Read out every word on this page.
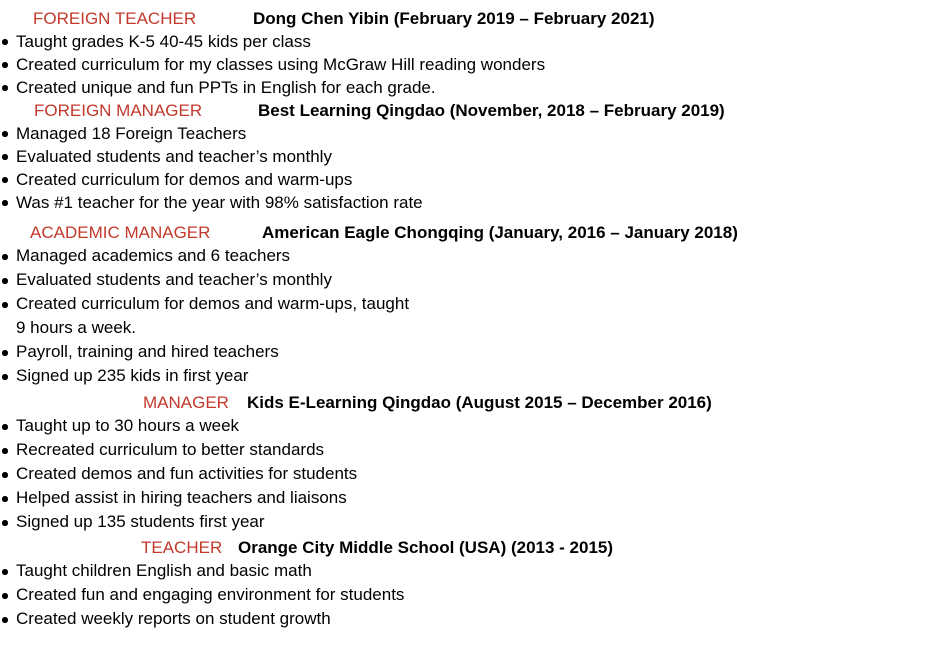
FOREIGN TEACHER	Dong Chen Yibin (February 2019 – February 2021)
Taught grades K-5 40-45 kids per class
Created curriculum for my classes using McGraw Hill reading wonders
Created unique and fun PPTs in English for each grade.
FOREIGN MANAGER	Best Learning Qingdao (November, 2018 – February 2019)
Managed 18 Foreign Teachers
Evaluated students and teacher’s monthly
Created curriculum for demos and warm-ups
Was #1 teacher for the year with 98% satisfaction rate
ACADEMIC MANAGER	American Eagle Chongqing (January, 2016 – January 2018)
Managed academics and 6 teachers
Evaluated students and teacher’s monthly
Created curriculum for demos and warm-ups, taught 9 hours a week.
Payroll, training and hired teachers
Signed up 235 kids in first year
MANAGER Kids E-Learning Qingdao (August 2015 – December 2016)
Taught up to 30 hours a week
Recreated curriculum to better standards
Created demos and fun activities for students
Helped assist in hiring teachers and liaisons
Signed up 135 students first year
TEACHER Orange City Middle School (USA) (2013 - 2015)
Taught children English and basic math
Created fun and engaging environment for students
Created weekly reports on student growth
